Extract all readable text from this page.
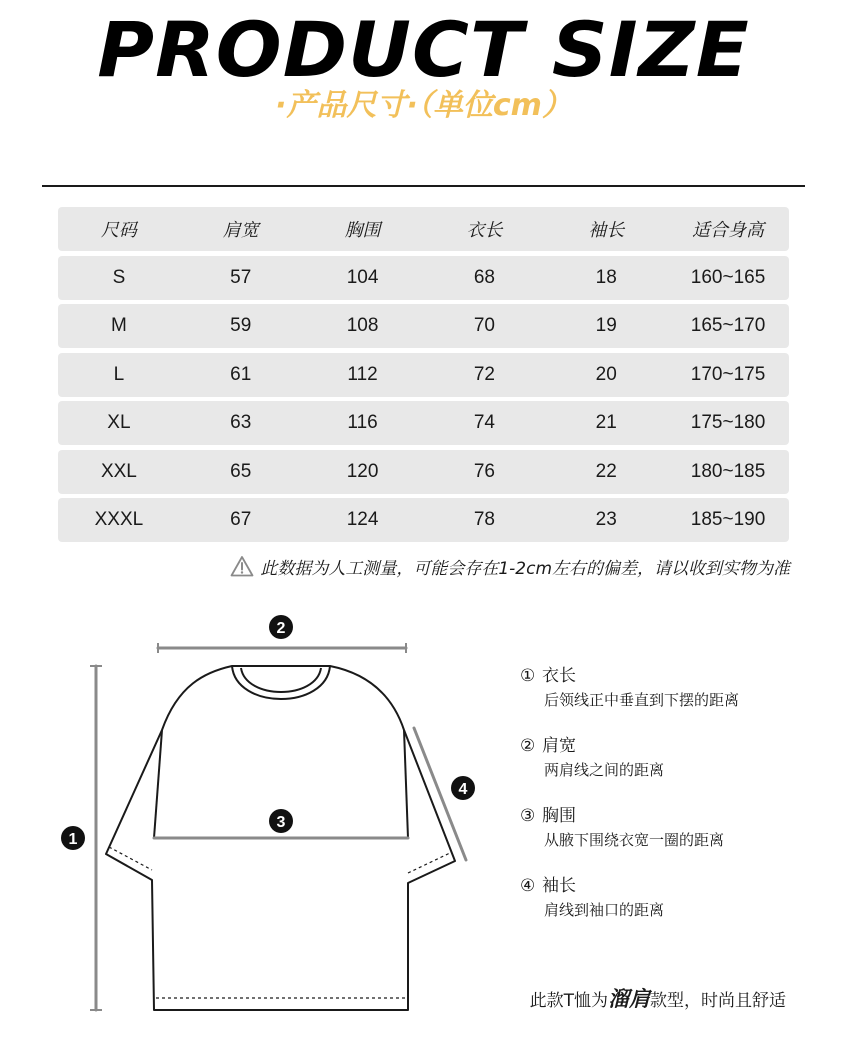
PRODUCT SIZE
·产品尺寸·（单位cm）
尺码	肩宽	胸围	衣长	袖长	适合身高
S	57	104	68	18	160~165
M	59	108	70	19	165~170
L	61	112	72	20	170~175
XL	63	116	74	21	175~180
XXL	65	120	76	22	180~185
XXXL	67	124	78	23	185~190
此数据为人工测量，可能会存在1-2cm左右的偏差，请以收到实物为准
1
2
3
4
① 衣长
后领线正中垂直到下摆的距离
② 肩宽
两肩线之间的距离
③ 胸围
从腋下围绕衣宽一圈的距离
④ 袖长
肩线到袖口的距离
此款T恤为溜肩款型，时尚且舒适
